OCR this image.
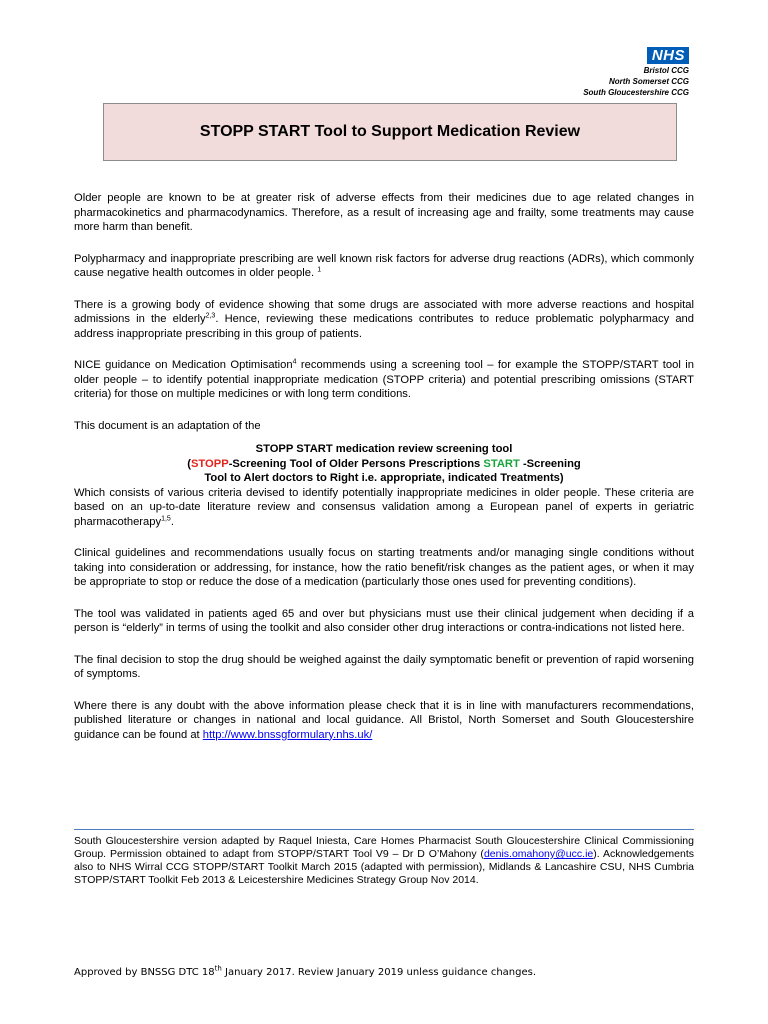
NHS
Bristol CCG
North Somerset CCG
South Gloucestershire CCG
STOPP START Tool to Support Medication Review

Older people are known to be at greater risk of adverse effects from their medicines due to age related changes in pharmacokinetics and pharmacodynamics. Therefore, as a result of increasing age and frailty, some treatments may cause more harm than benefit.

Polypharmacy and inappropriate prescribing are well known risk factors for adverse drug reactions (ADRs), which commonly cause negative health outcomes in older people. $^1$

There is a growing body of evidence showing that some drugs are associated with more adverse reactions and hospital admissions in the elderly$^{2,3}$. Hence, reviewing these medications contributes to reduce problematic polypharmacy and address inappropriate prescribing in this group of patients.

NICE guidance on Medication Optimisation$^4$ recommends using a screening tool – for example the STOPP/START tool in older people – to identify potential inappropriate medication (STOPP criteria) and potential prescribing omissions (START criteria) for those on multiple medicines or with long term conditions.

This document is an adaptation of the

STOPP START medication review screening tool
(STOPP-Screening Tool of Older Persons Prescriptions START -Screening
Tool to Alert doctors to Right i.e. appropriate, indicated Treatments)

Which consists of various criteria devised to identify potentially inappropriate medicines in older people. These criteria are based on an up-to-date literature review and consensus validation among a European panel of experts in geriatric pharmacotherapy$^{1,5}$.

Clinical guidelines and recommendations usually focus on starting treatments and/or managing single conditions without taking into consideration or addressing, for instance, how the ratio benefit/risk changes as the patient ages, or when it may be appropriate to stop or reduce the dose of a medication (particularly those ones used for preventing conditions).

The tool was validated in patients aged 65 and over but physicians must use their clinical judgement when deciding if a person is “elderly” in terms of using the toolkit and also consider other drug interactions or contra-indications not listed here.

The final decision to stop the drug should be weighed against the daily symptomatic benefit or prevention of rapid worsening of symptoms.

Where there is any doubt with the above information please check that it is in line with manufacturers recommendations, published literature or changes in national and local guidance. All Bristol, North Somerset and South Gloucestershire guidance can be found at http://www.bnssgformulary.nhs.uk/

South Gloucestershire version adapted by Raquel Iniesta, Care Homes Pharmacist South Gloucestershire Clinical Commissioning Group. Permission obtained to adapt from STOPP/START Tool V9 – Dr D O’Mahony (denis.omahony@ucc.ie). Acknowledgements also to NHS Wirral CCG STOPP/START Toolkit March 2015 (adapted with permission), Midlands & Lancashire CSU, NHS Cumbria STOPP/START Toolkit Feb 2013 & Leicestershire Medicines Strategy Group Nov 2014.
Approved by BNSSG DTC 18th January 2017. Review January 2019 unless guidance changes.
